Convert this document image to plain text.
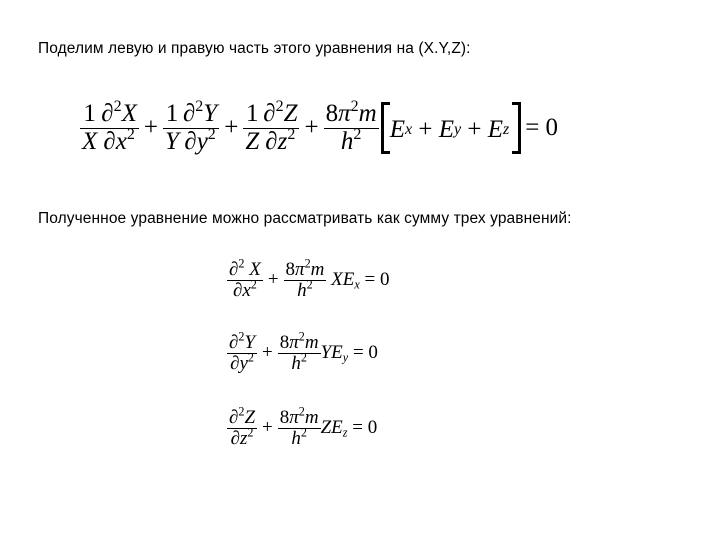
Поделим левую и правую часть этого уравнения на (X.Y,Z):
$\frac{1}{X} \frac{\partial^2X}{\partial x^2} + \frac{1}{Y} \frac{\partial^2Y}{\partial y^2} + \frac{1}{Z} \frac{\partial^2Z}{\partial z^2} + \frac{8\pi^2m}{h^2}$ E x + E y + E z = 0
Полученное уравнение можно рассматривать как сумму трех уравнений:
$\frac{\partial^2 X}{\partial x^2} + \frac{8\pi^2m}{h^2} XE_x = 0$
$\frac{\partial^2Y}{\partial y^2} + \frac{8\pi^2m}{h^2} YE_y = 0$
$\frac{\partial^2Z}{\partial z^2} + \frac{8\pi^2m}{h^2} ZE_z = 0$
